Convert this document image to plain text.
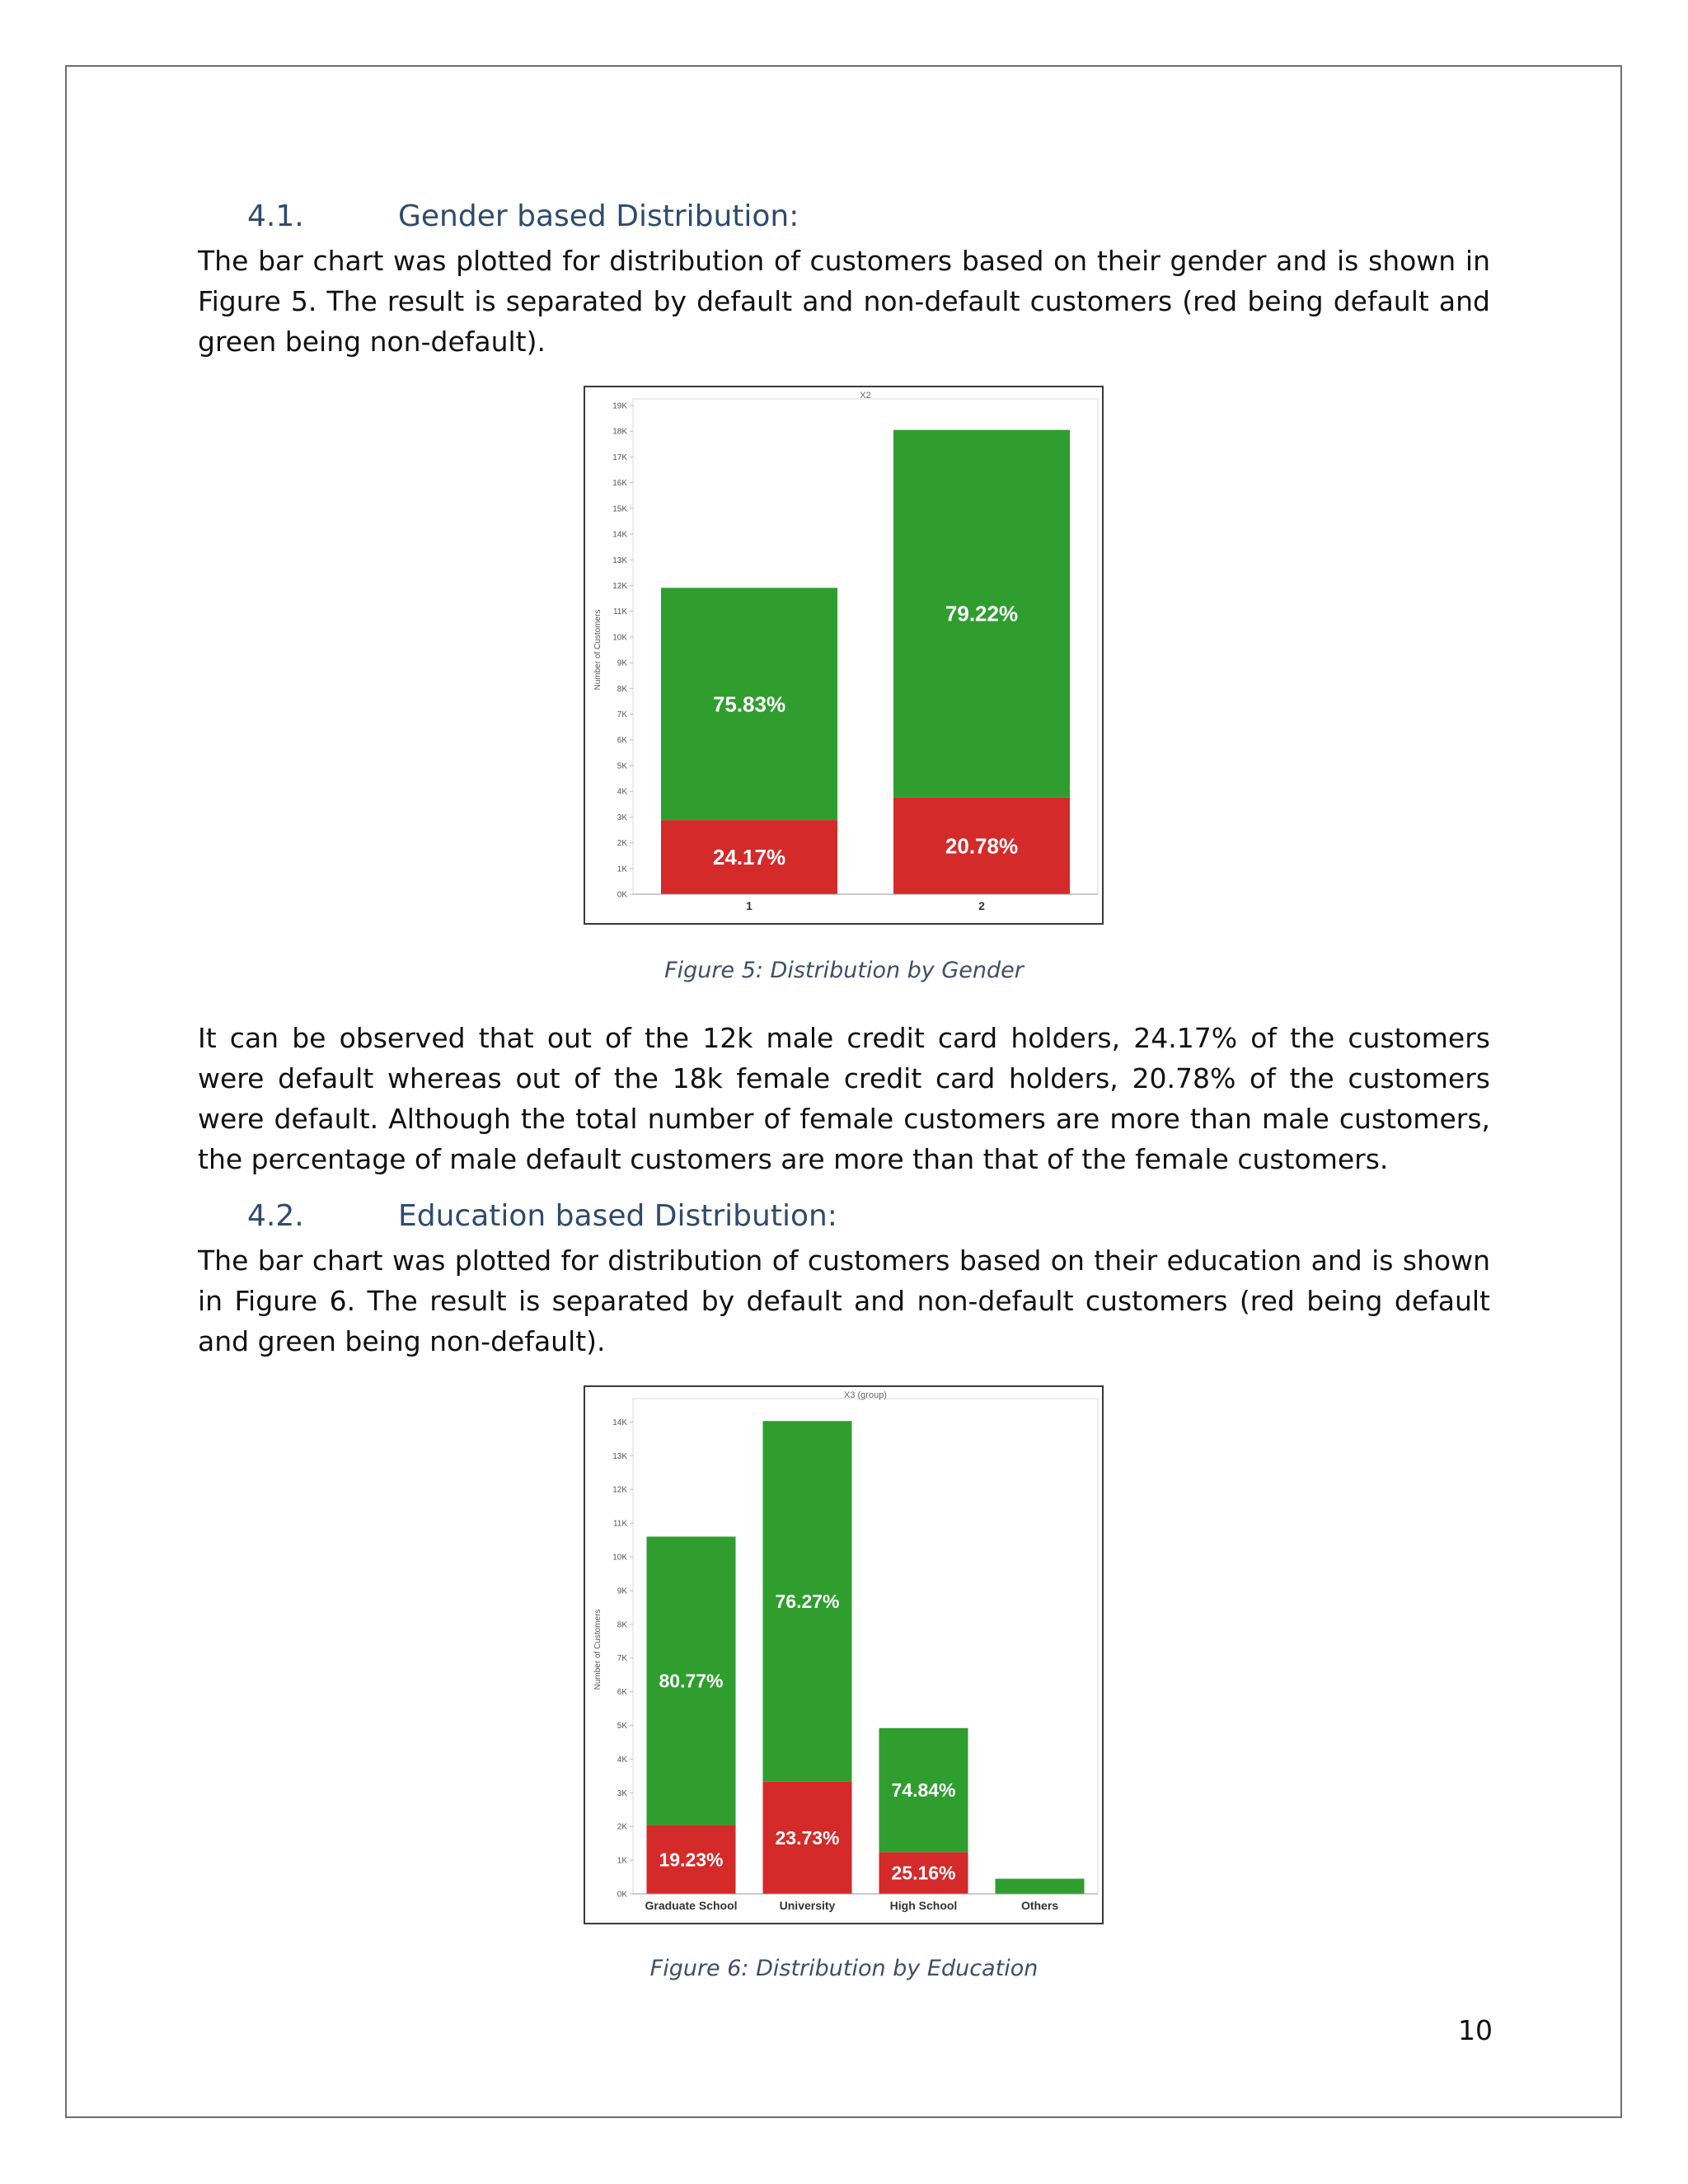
4.1.	Gender based Distribution:

The bar chart was plotted for distribution of customers based on their gender and is shown in Figure 5. The result is separated by default and non-default customers (red being default and green being non-default).

X2
0K
1K
2K
3K
4K
5K
6K
7K
8K
9K
10K
11K
12K
13K
14K
15K
16K
17K
18K
19K
Number of Customers
24.17%
75.83%
1
20.78%
79.22%
2
Figure 5: Distribution by Gender

It can be observed that out of the 12k male credit card holders, 24.17% of the customers were default whereas out of the 18k female credit card holders, 20.78% of the customers were default. Although the total number of female customers are more than male customers, the percentage of male default customers are more than that of the female customers.

4.2.	Education based Distribution:

The bar chart was plotted for distribution of customers based on their education and is shown in Figure 6. The result is separated by default and non-default customers (red being default and green being non-default).

X3 (group)
0K
1K
2K
3K
4K
5K
6K
7K
8K
9K
10K
11K
12K
13K
14K
Number of Customers
19.23%
80.77%
Graduate School
23.73%
76.27%
University
25.16%
74.84%
High School	Others
Figure 6: Distribution by Education
10
